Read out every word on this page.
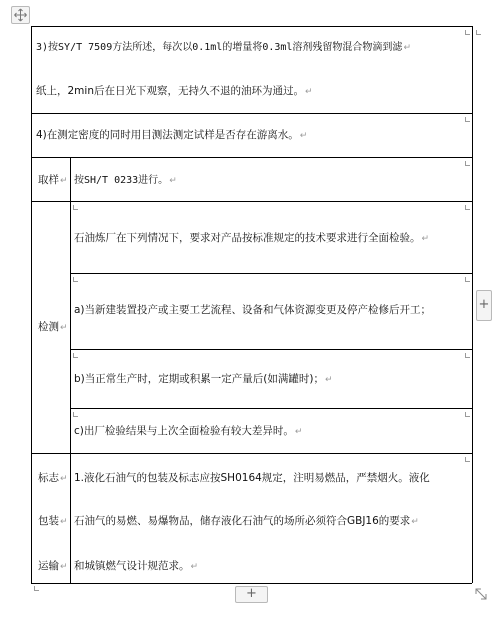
+
+
3)按SY/T 7509方法所述，每次以0.1ml的增量将0.3ml溶剂残留物混合物滴到滤↵
纸上，2min后在日光下观察，无持久不退的油环为通过。↵
4)在测定密度的同时用目测法测定试样是否存在游离水。↵
取样↵ 按SH/T 0233进行。↵
检测↵
石油炼厂在下列情况下，要求对产品按标准规定的技术要求进行全面检验。↵
a)当新建装置投产或主要工艺流程、设备和气体资源变更及停产检修后开工；
b)当正常生产时，定期或积累一定产量后(如满罐时)；↵
c)出厂检验结果与上次全面检验有较大差异时。↵
标志↵
包装↵
运输↵
1.液化石油气的包装及标志应按SH0164规定，注明易燃品，严禁烟火。液化
石油气的易燃、易爆物品，储存液化石油气的场所必须符合GBJ16的要求↵
和城镇燃气设计规范求。↵
